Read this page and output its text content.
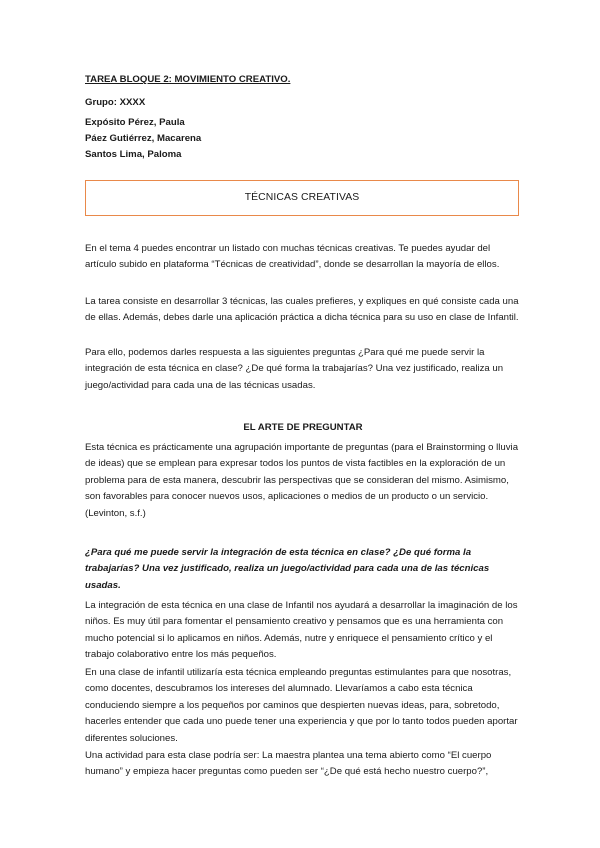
TAREA BLOQUE 2: MOVIMIENTO CREATIVO.
Grupo: XXXX
Expósito Pérez, Paula
Páez Gutiérrez, Macarena
Santos Lima, Paloma
TÉCNICAS CREATIVAS

En el tema 4 puedes encontrar un listado con muchas técnicas creativas. Te puedes ayudar del artículo subido en plataforma “Técnicas de creatividad”, donde se desarrollan la mayoría de ellos.

La tarea consiste en desarrollar 3 técnicas, las cuales prefieres, y expliques en qué consiste cada una de ellas. Además, debes darle una aplicación práctica a dicha técnica para su uso en clase de Infantil.

Para ello, podemos darles respuesta a las siguientes preguntas ¿Para qué me puede servir la integración de esta técnica en clase? ¿De qué forma la trabajarías? Una vez justificado, realiza un juego/actividad para cada una de las técnicas usadas.

EL ARTE DE PREGUNTAR

Esta técnica es prácticamente una agrupación importante de preguntas (para el Brainstorming o lluvia de ideas) que se emplean para expresar todos los puntos de vista factibles en la exploración de un problema para de esta manera, descubrir las perspectivas que se consideran del mismo. Asimismo, son favorables para conocer nuevos usos, aplicaciones o medios de un producto o un servicio. (Levinton, s.f.)

¿Para qué me puede servir la integración de esta técnica en clase? ¿De qué forma la trabajarías? Una vez justificado, realiza un juego/actividad para cada una de las técnicas usadas.

La integración de esta técnica en una clase de Infantil nos ayudará a desarrollar la imaginación de los niños. Es muy útil para fomentar el pensamiento creativo y pensamos que es una herramienta con mucho potencial si lo aplicamos en niños. Además, nutre y enriquece el pensamiento crítico y el trabajo colaborativo entre los más pequeños.

En una clase de infantil utilizaría esta técnica empleando preguntas estimulantes para que nosotras, como docentes, descubramos los intereses del alumnado. Llevaríamos a cabo esta técnica conduciendo siempre a los pequeños por caminos que despierten nuevas ideas, para, sobretodo, hacerles entender que cada uno puede tener una experiencia y que por lo tanto todos pueden aportar diferentes soluciones.

Una actividad para esta clase podría ser: La maestra plantea una tema abierto como “El cuerpo humano” y empieza hacer preguntas como pueden ser “¿De qué está hecho nuestro cuerpo?”,
